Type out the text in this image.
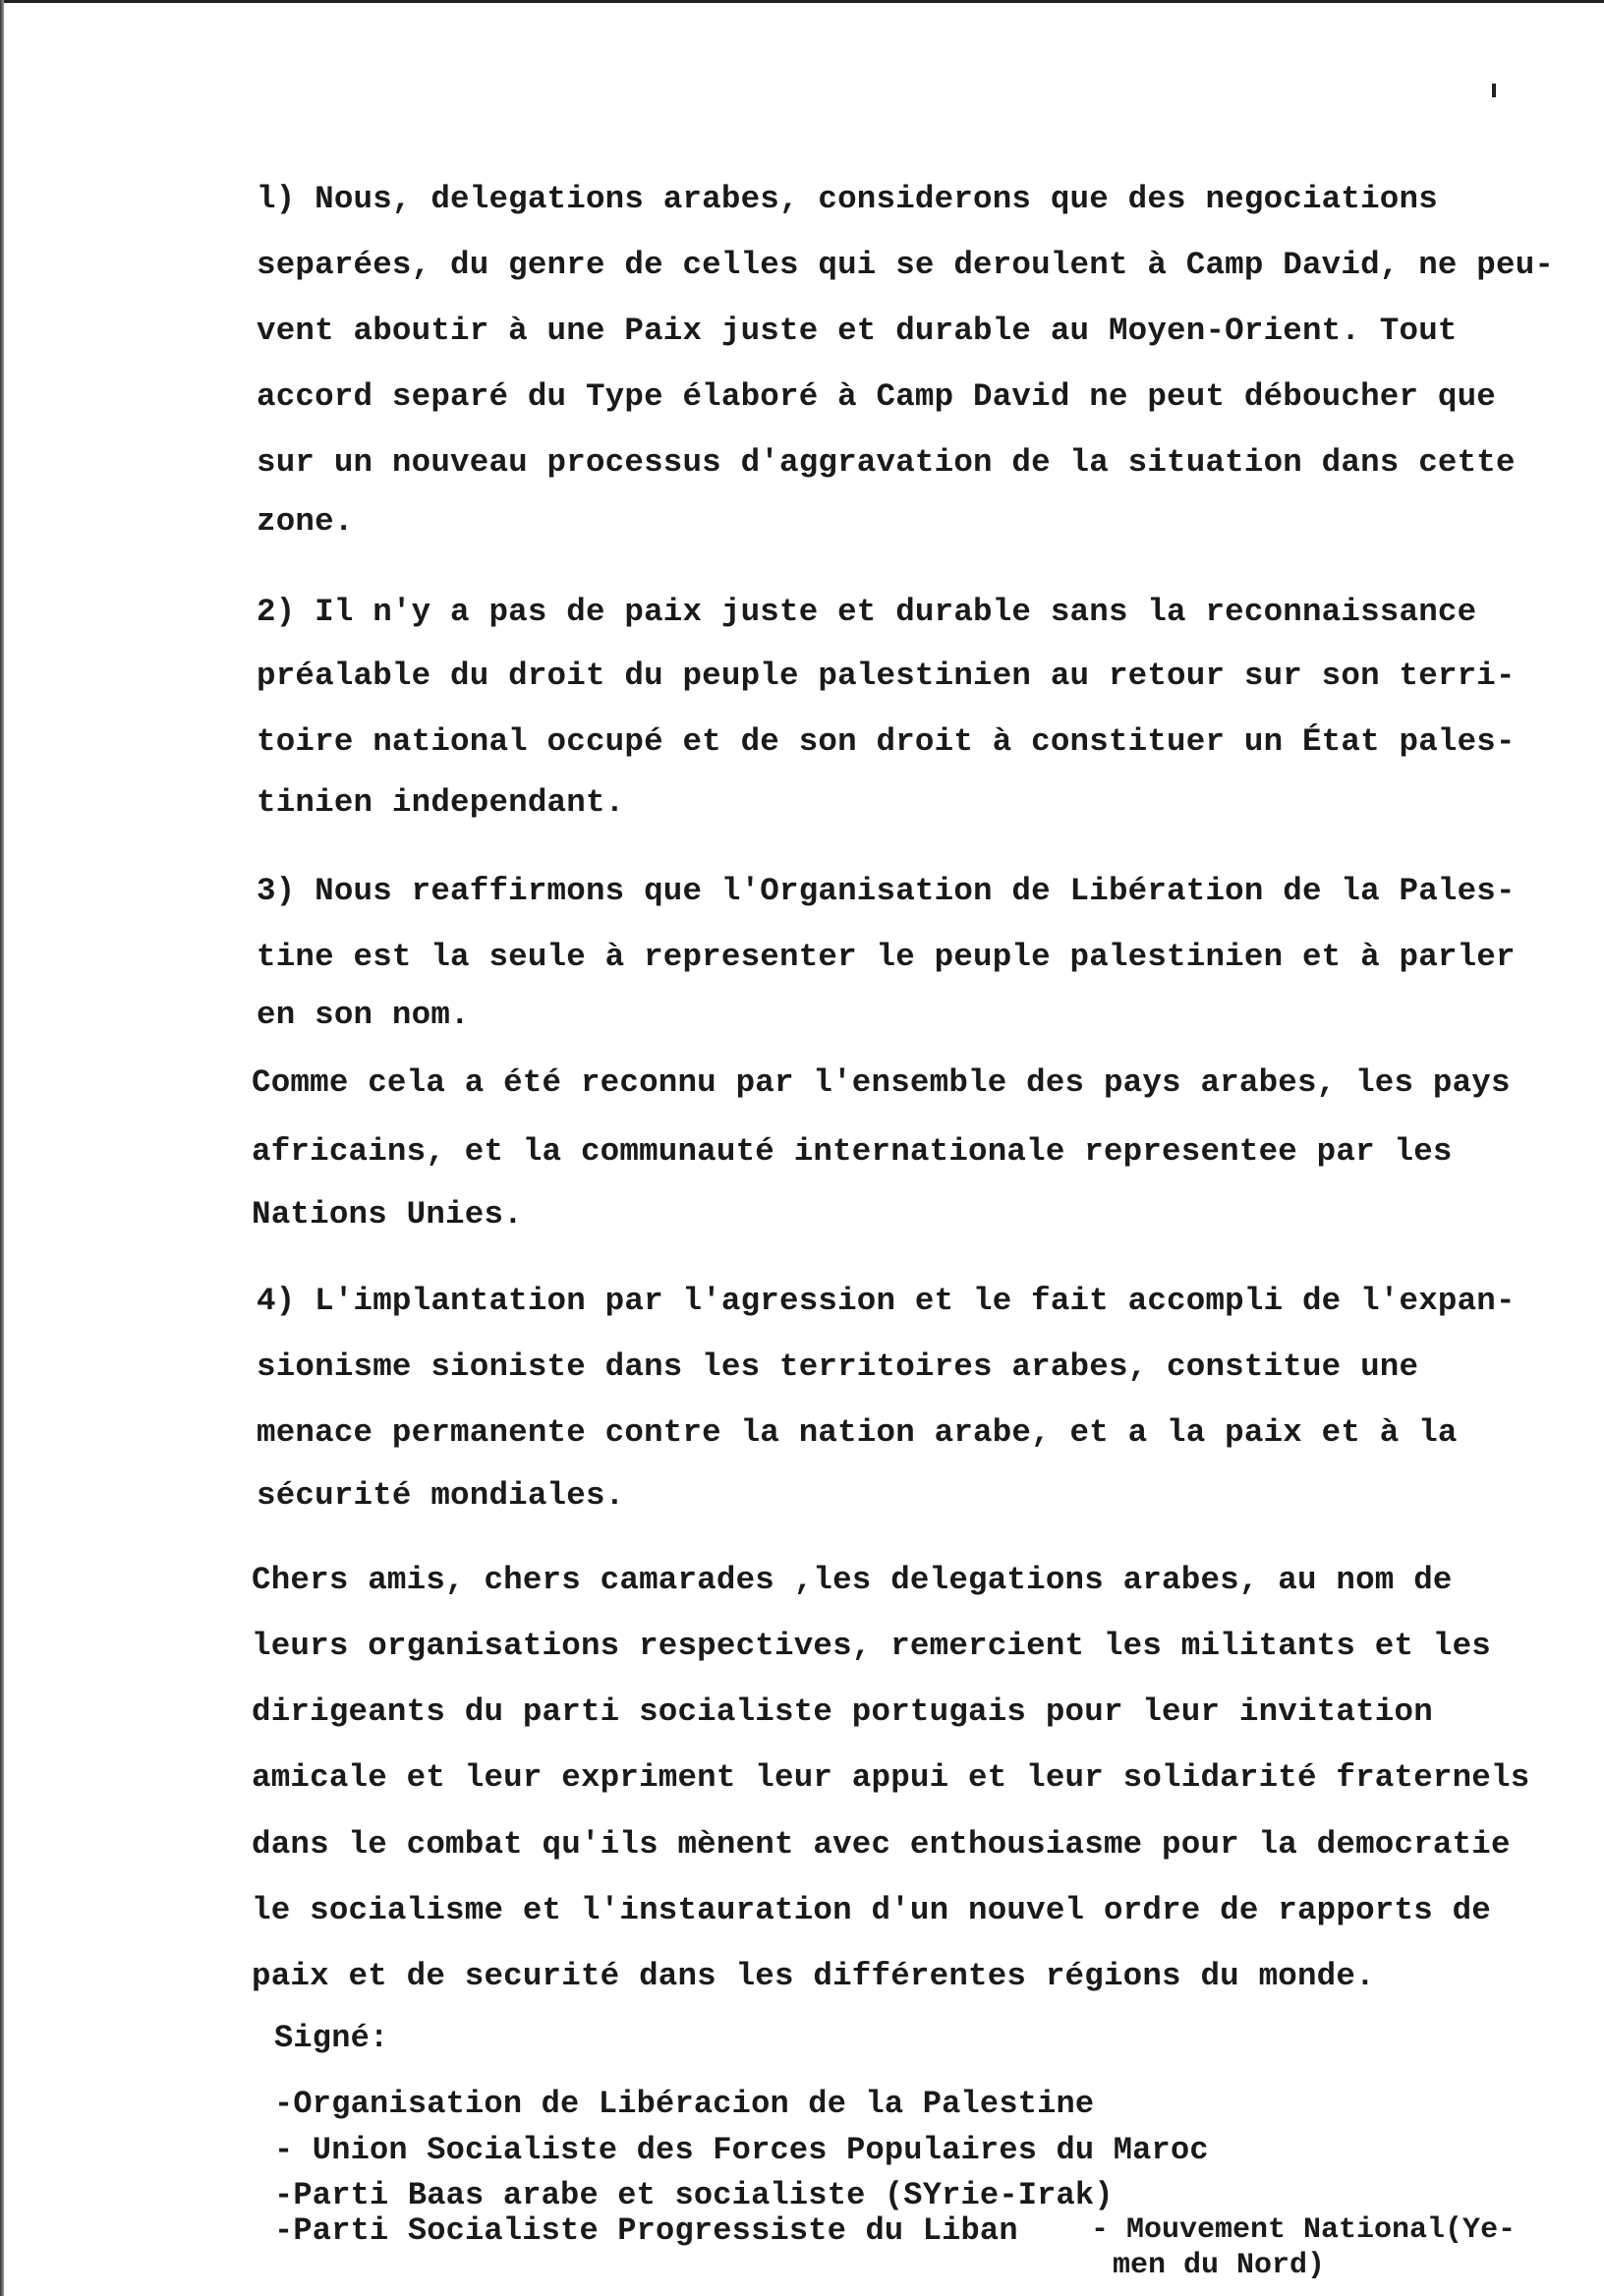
l) Nous, delegations arabes, considerons que des negociations
separées, du genre de celles qui se deroulent à Camp David, ne peu-
vent aboutir à une Paix juste et durable au Moyen-Orient. Tout
accord separé du Type élaboré à Camp David ne peut déboucher que
sur un nouveau processus d'aggravation de la situation dans cette
zone.
2) Il n'y a pas de paix juste et durable sans la reconnaissance
préalable du droit du peuple palestinien au retour sur son terri-
toire national occupé et de son droit à constituer un État pales-
tinien independant.
3) Nous reaffirmons que l'Organisation de Libération de la Pales-
tine est la seule à representer le peuple palestinien et à parler
en son nom.
Comme cela a été reconnu par l'ensemble des pays arabes, les pays
africains, et la communauté internationale representee par les
Nations Unies.
4) L'implantation par l'agression et le fait accompli de l'expan-
sionisme sioniste dans les territoires arabes, constitue une
menace permanente contre la nation arabe, et a la paix et à la
sécurité mondiales.
Chers amis, chers camarades ,les delegations arabes, au nom de
leurs organisations respectives, remercient les militants et les
dirigeants du parti socialiste portugais pour leur invitation
amicale et leur expriment leur appui et leur solidarité fraternels
dans le combat qu'ils mènent avec enthousiasme pour la democratie
le socialisme et l'instauration d'un nouvel ordre de rapports de
paix et de securité dans les différentes régions du monde.
Signé:
-Organisation de Libéracion de la Palestine
- Union Socialiste des Forces Populaires du Maroc
-Parti Baas arabe et socialiste (SYrie-Irak)
-Parti Socialiste Progressiste du Liban - Mouvement National(Ye-
men du Nord)
